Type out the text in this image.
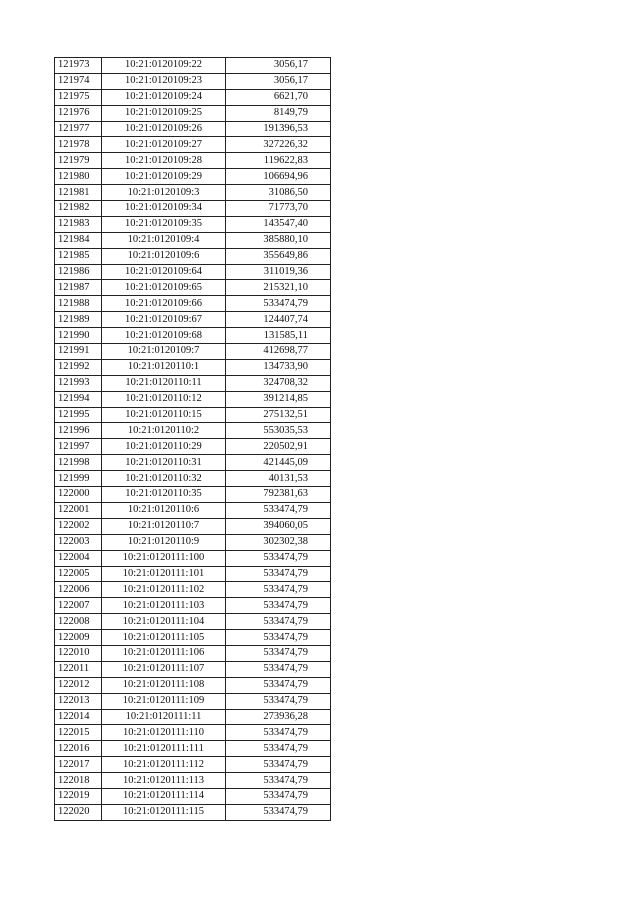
121973	10:21:0120109:22	3056,17
121974	10:21:0120109:23	3056,17
121975	10:21:0120109:24	6621,70
121976	10:21:0120109:25	8149,79
121977	10:21:0120109:26	191396,53
121978	10:21:0120109:27	327226,32
121979	10:21:0120109:28	119622,83
121980	10:21:0120109:29	106694,96
121981	10:21:0120109:3	31086,50
121982	10:21:0120109:34	71773,70
121983	10:21:0120109:35	143547,40
121984	10:21:0120109:4	385880,10
121985	10:21:0120109:6	355649,86
121986	10:21:0120109:64	311019,36
121987	10:21:0120109:65	215321,10
121988	10:21:0120109:66	533474,79
121989	10:21:0120109:67	124407,74
121990	10:21:0120109:68	131585,11
121991	10:21:0120109:7	412698,77
121992	10:21:0120110:1	134733,90
121993	10:21:0120110:11	324708,32
121994	10:21:0120110:12	391214,85
121995	10:21:0120110:15	275132,51
121996	10:21:0120110:2	553035,53
121997	10:21:0120110:29	220502,91
121998	10:21:0120110:31	421445,09
121999	10:21:0120110:32	40131,53
122000	10:21:0120110:35	792381,63
122001	10:21:0120110:6	533474,79
122002	10:21:0120110:7	394060,05
122003	10:21:0120110:9	302302,38
122004	10:21:0120111:100	533474,79
122005	10:21:0120111:101	533474,79
122006	10:21:0120111:102	533474,79
122007	10:21:0120111:103	533474,79
122008	10:21:0120111:104	533474,79
122009	10:21:0120111:105	533474,79
122010	10:21:0120111:106	533474,79
122011	10:21:0120111:107	533474,79
122012	10:21:0120111:108	533474,79
122013	10:21:0120111:109	533474,79
122014	10:21:0120111:11	273936,28
122015	10:21:0120111:110	533474,79
122016	10:21:0120111:111	533474,79
122017	10:21:0120111:112	533474,79
122018	10:21:0120111:113	533474,79
122019	10:21:0120111:114	533474,79
122020	10:21:0120111:115	533474,79
